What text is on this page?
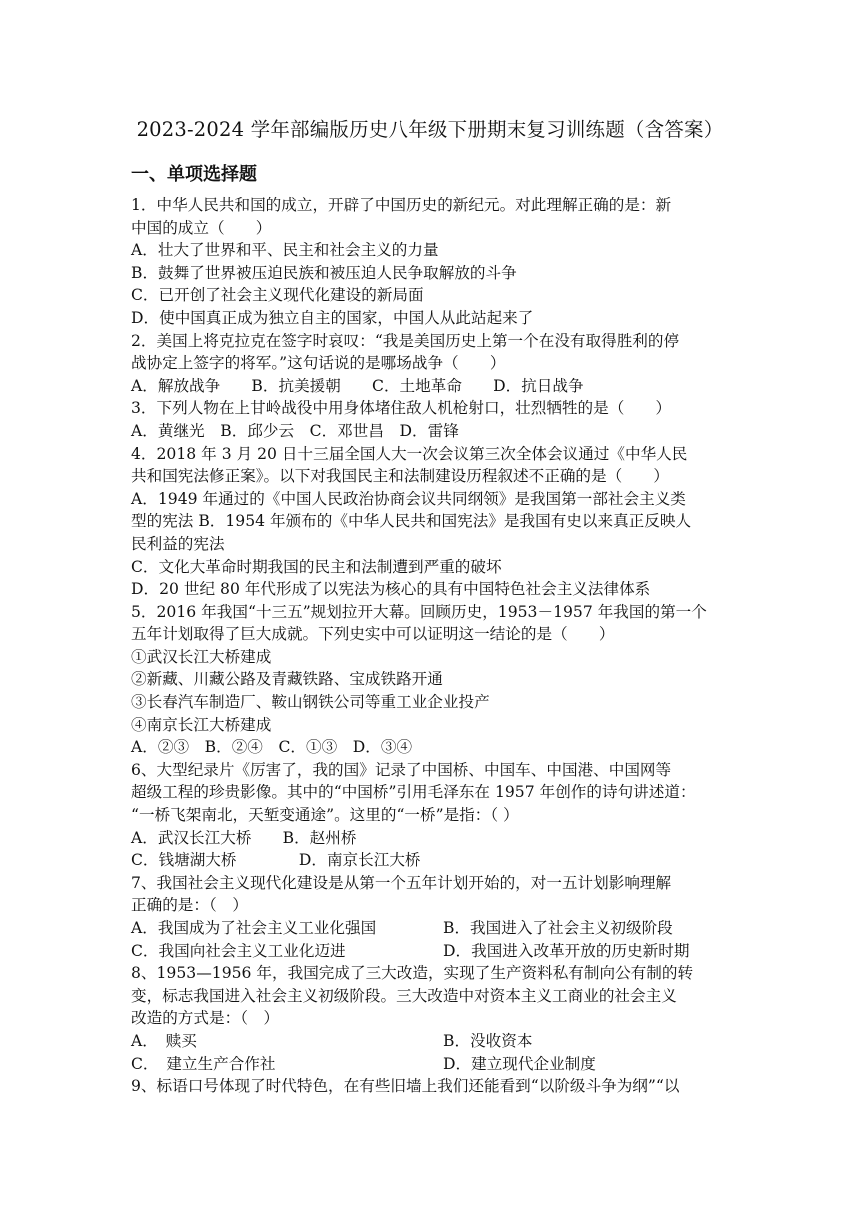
2023-2024 学年部编版历史八年级下册期末复习训练题（含答案）
一、单项选择题
1．中华人民共和国的成立，开辟了中国历史的新纪元。对此理解正确的是：新
中国的成立（　　）
A．壮大了世界和平、民主和社会主义的力量
B．鼓舞了世界被压迫民族和被压迫人民争取解放的斗争
C．已开创了社会主义现代化建设的新局面
D．使中国真正成为独立自主的国家，中国人从此站起来了
2．美国上将克拉克在签字时哀叹：“我是美国历史上第一个在没有取得胜利的停
战协定上签字的将军。”这句话说的是哪场战争（　　）
A．解放战争　　B．抗美援朝　　C．土地革命　　D．抗日战争
3．下列人物在上甘岭战役中用身体堵住敌人机枪射口，壮烈牺牲的是（　　）
A．黄继光　B．邱少云　C．邓世昌　D．雷锋
4．2018 年 3 月 20 日十三届全国人大一次会议第三次全体会议通过《中华人民
共和国宪法修正案》。以下对我国民主和法制建设历程叙述不正确的是（　　）
A．1949 年通过的《中国人民政治协商会议共同纲领》是我国第一部社会主义类
型的宪法 B．1954 年颁布的《中华人民共和国宪法》是我国有史以来真正反映人
民利益的宪法
C．文化大革命时期我国的民主和法制遭到严重的破坏
D．20 世纪 80 年代形成了以宪法为核心的具有中国特色社会主义法律体系
5．2016 年我国“十三五”规划拉开大幕。回顾历史，1953－1957 年我国的第一个
五年计划取得了巨大成就。下列史实中可以证明这一结论的是（　　）
①武汉长江大桥建成
②新藏、川藏公路及青藏铁路、宝成铁路开通
③长春汽车制造厂、鞍山钢铁公司等重工业企业投产
④南京长江大桥建成
A．②③　B．②④　C．①③　D．③④
6、大型纪录片《厉害了，我的国》记录了中国桥、中国车、中国港、中国网等
超级工程的珍贵影像。其中的“中国桥”引用毛泽东在 1957 年创作的诗句讲述道：
“一桥飞架南北，天堑变通途”。这里的“一桥”是指：（ ）
A．武汉长江大桥　　B．赵州桥
C．钱塘湖大桥　　　　D．南京长江大桥
7、我国社会主义现代化建设是从第一个五年计划开始的，对一五计划影响理解
正确的是：（　）
A．我国成为了社会主义工业化强国	B．我国进入了社会主义初级阶段
C．我国向社会主义工业化迈进	D．我国进入改革开放的历史新时期
8、1953—1956 年，我国完成了三大改造，实现了生产资料私有制向公有制的转
变，标志我国进入社会主义初级阶段。三大改造中对资本主义工商业的社会主义
改造的方式是：（　）
A．　赎买	B．没收资本
C．　建立生产合作社	D．建立现代企业制度
9、标语口号体现了时代特色，在有些旧墙上我们还能看到“以阶级斗争为纲”“以
